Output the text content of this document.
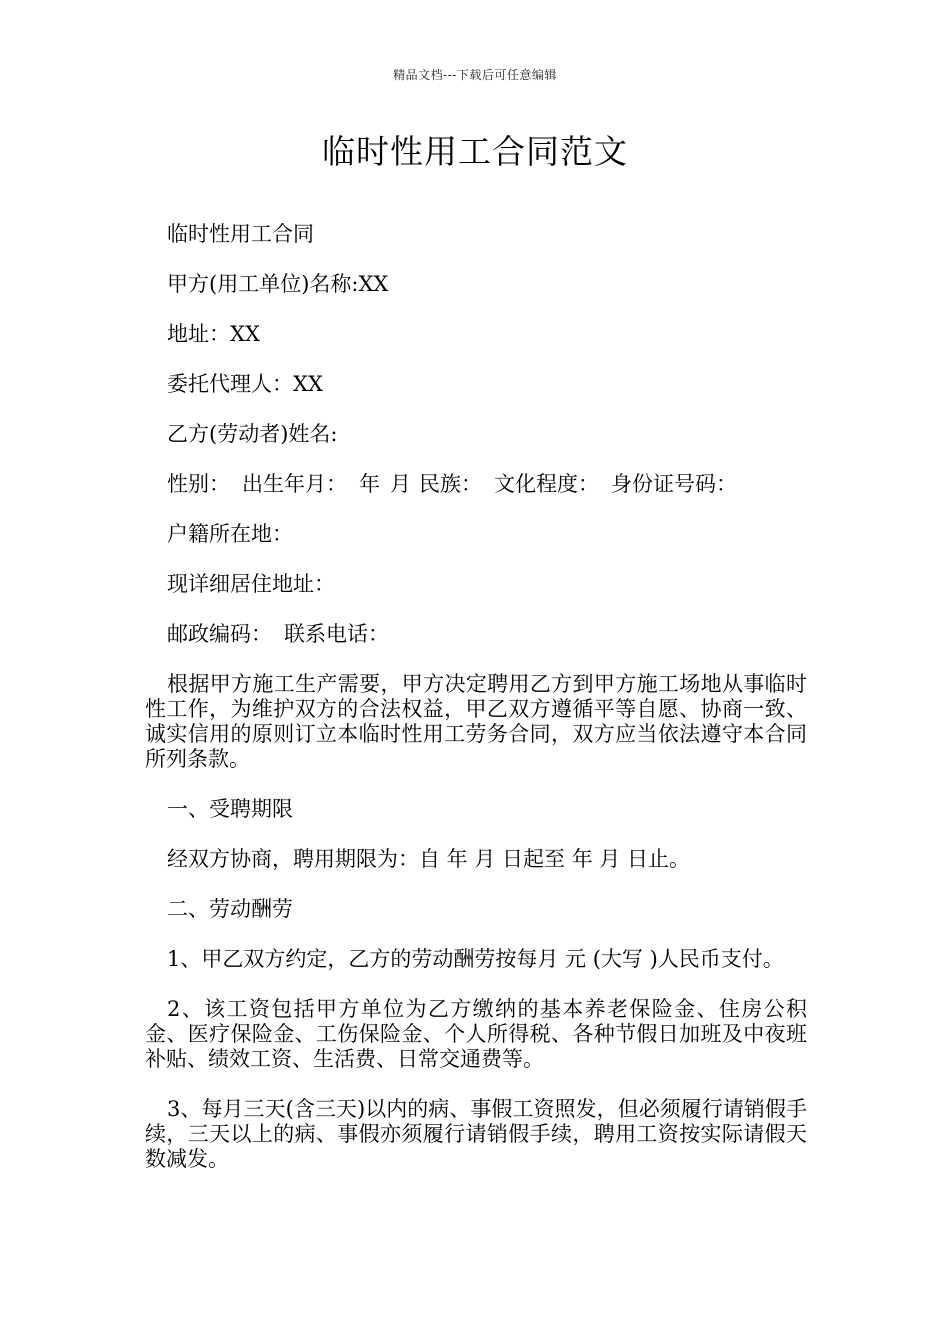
精品文档---下载后可任意编辑
临时性用工合同范文

临时性用工合同

甲方(用工单位)名称:XX

地址：XX

委托代理人：XX

乙方(劳动者)姓名:

性别： 出生年月： 年 月 民族： 文化程度： 身份证号码：

户籍所在地：

现详细居住地址：

邮政编码： 联系电话：

根据甲方施工生产需要，甲方决定聘用乙方到甲方施工场地从事临时性工作，为维护双方的合法权益，甲乙双方遵循平等自愿、协商一致、诚实信用的原则订立本临时性用工劳务合同，双方应当依法遵守本合同所列条款。

一、受聘期限

经双方协商，聘用期限为：自 年 月 日起至 年 月 日止。

二、劳动酬劳

1、甲乙双方约定，乙方的劳动酬劳按每月 元 (大写 )人民币支付。

2、该工资包括甲方单位为乙方缴纳的基本养老保险金、住房公积金、医疗保险金、工伤保险金、个人所得税、各种节假日加班及中夜班补贴、绩效工资、生活费、日常交通费等。

3、每月三天(含三天)以内的病、事假工资照发，但必须履行请销假手续，三天以上的病、事假亦须履行请销假手续，聘用工资按实际请假天数减发。
